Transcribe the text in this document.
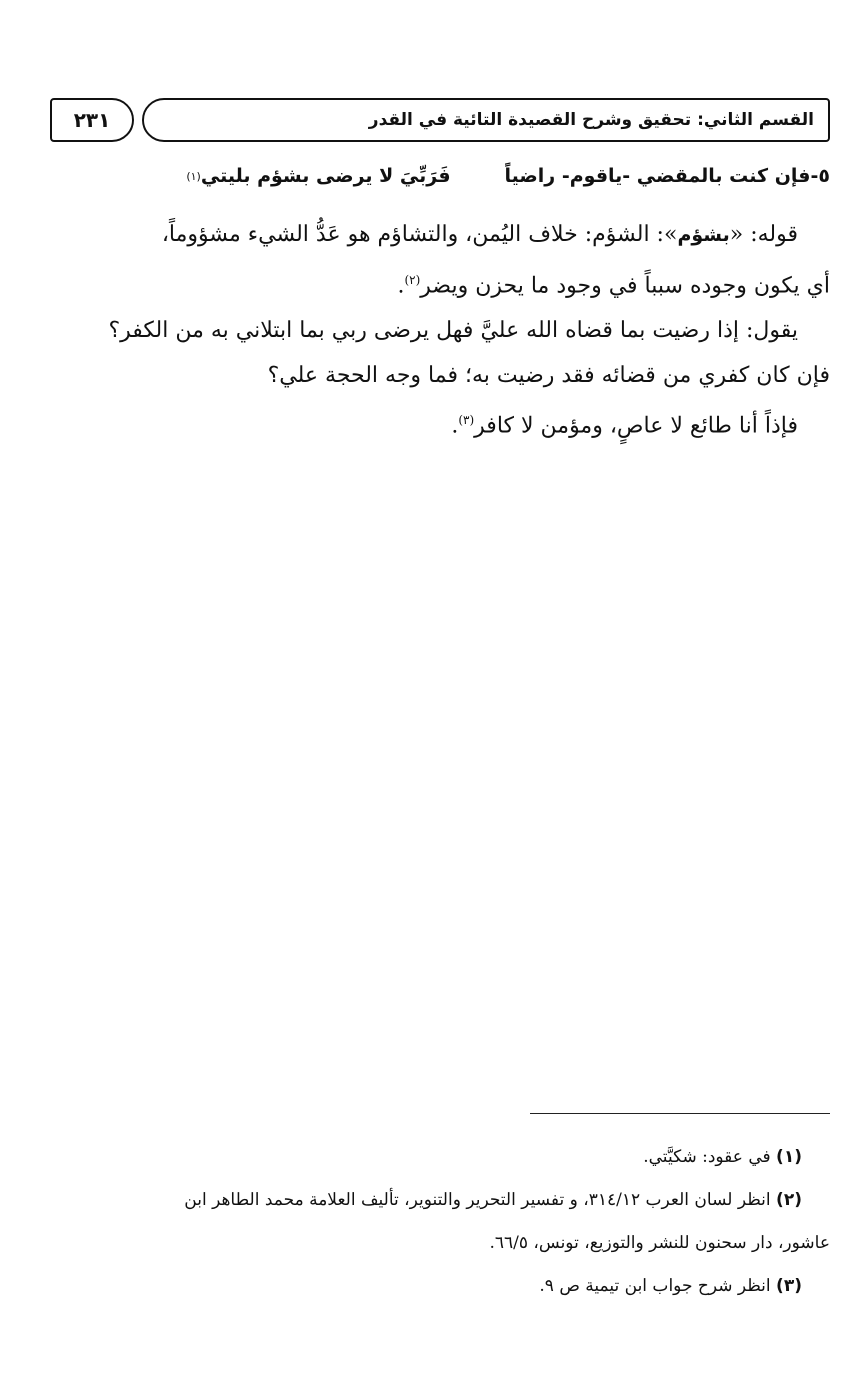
القسم الثاني: تحقيق وشرح القصيدة التائية في القدر
٢٣١
٥-
فإن كنت بالمقضي -ياقوم- راضياً
فَرَبِّيَ لا يرضى بشؤم بليتي
(١)

قوله: «بشؤم»: الشؤم: خلاف اليُمن، والتشاؤم هو عَدُّ الشيء مشؤوماً،

أي يكون وجوده سبباً في وجود ما يحزن ويضر$^{(٢)}$.

يقول: إذا رضيت بما قضاه الله عليَّ فهل يرضى ربي بما ابتلاني به من الكفر؟

فإن كان كفري من قضائه فقد رضيت به؛ فما وجه الحجة علي؟

فإذاً أنا طائع لا عاصٍ، ومؤمن لا كافر$^{(٣)}$.

(١) في عقود: شكيَّتي.

(٢) انظر لسان العرب ٣١٤/١٢، و تفسير التحرير والتنوير، تأليف العلامة محمد الطاهر ابن

عاشور، دار سحنون للنشر والتوزيع، تونس، ٦٦/٥.

(٣) انظر شرح جواب ابن تيمية ص ٩.
